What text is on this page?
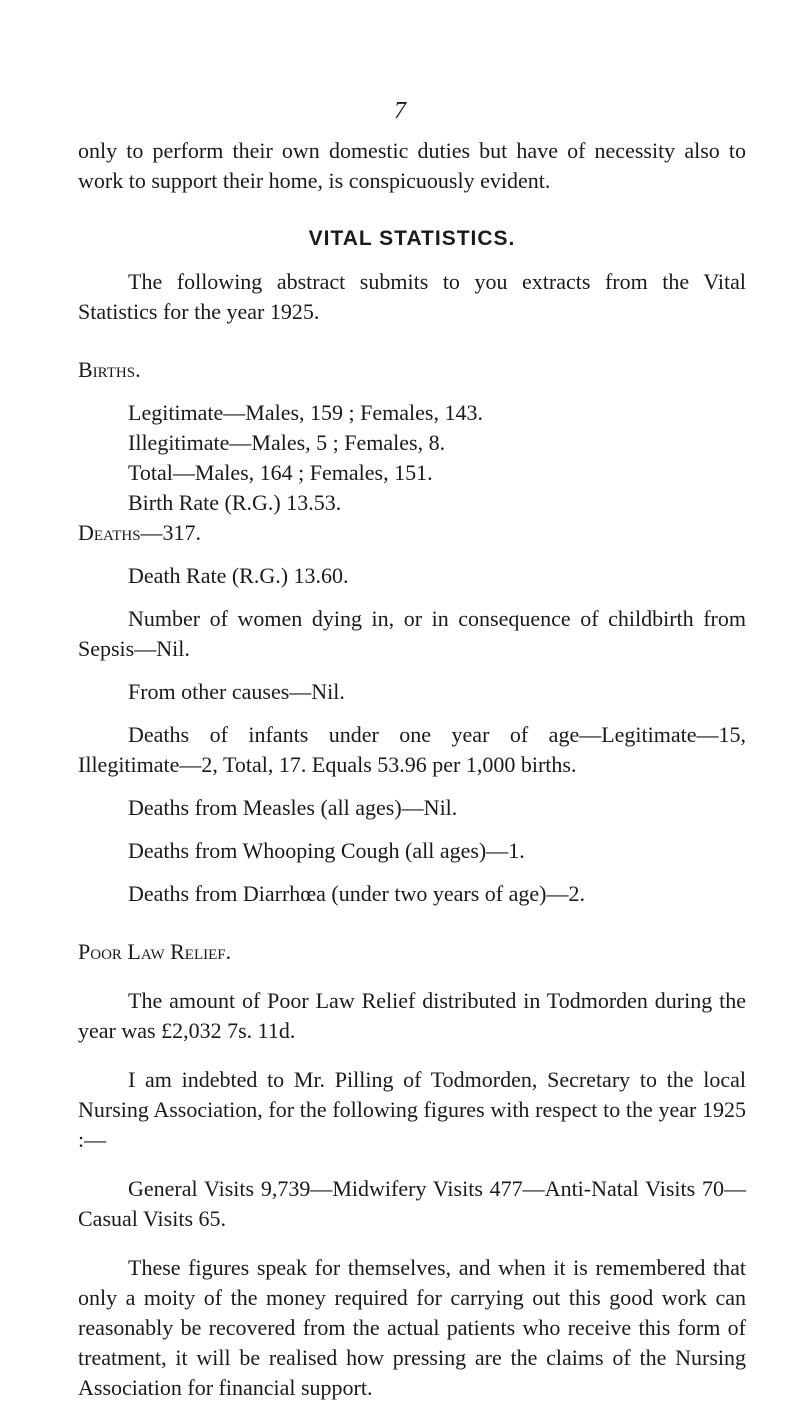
7

only to perform their own domestic duties but have of necessity also to work to support their home, is conspicuously evident.

VITAL STATISTICS.

The following abstract submits to you extracts from the Vital Statistics for the year 1925.

Births.

Legitimate—Males, 159 ; Females, 143.

Illegitimate—Males, 5 ; Females, 8.

Total—Males, 164 ; Females, 151.

Birth Rate (R.G.) 13.53.

Deaths—317.

Death Rate (R.G.) 13.60.

Number of women dying in, or in consequence of childbirth from Sepsis—Nil.

From other causes—Nil.

Deaths of infants under one year of age—Legitimate—15, Illegitimate—2, Total, 17. Equals 53.96 per 1,000 births.

Deaths from Measles (all ages)—Nil.

Deaths from Whooping Cough (all ages)—1.

Deaths from Diarrhœa (under two years of age)—2.

Poor Law Relief.

The amount of Poor Law Relief distributed in Todmorden during the year was £2,032 7s. 11d.

I am indebted to Mr. Pilling of Todmorden, Secretary to the local Nursing Association, for the following figures with respect to the year 1925 :—

General Visits 9,739—Midwifery Visits 477—Anti-Natal Visits 70—Casual Visits 65.

These figures speak for themselves, and when it is remembered that only a moity of the money required for carrying out this good work can reasonably be recovered from the actual patients who receive this form of treatment, it will be realised how pressing are the claims of the Nursing Association for financial support.
